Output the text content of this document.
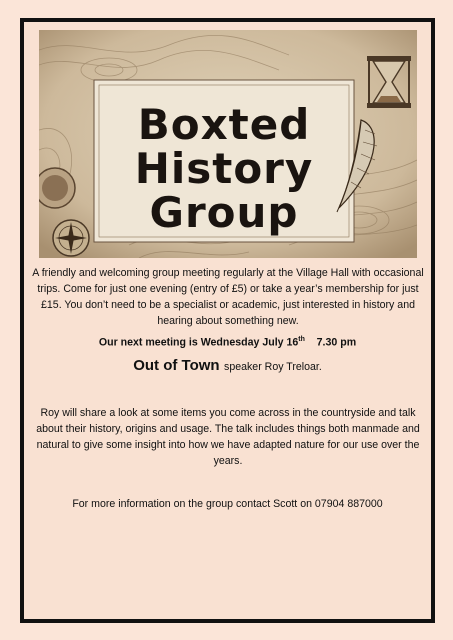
Boxted
History
Group
A friendly and welcoming group meeting regularly at the Village Hall with occasional trips. Come for just one evening (entry of £5) or take a year’s membership for just £15. You don’t need to be a specialist or academic, just interested in history and hearing about something new.
Our next meeting is Wednesday July 16th 7.30 pm
Out of Town speaker Roy Treloar.
Roy will share a look at some items you come across in the countryside and talk about their history, origins and usage. The talk includes things both manmade and natural to give some insight into how we have adapted nature for our use over the years.
For more information on the group contact Scott on 07904 887000
